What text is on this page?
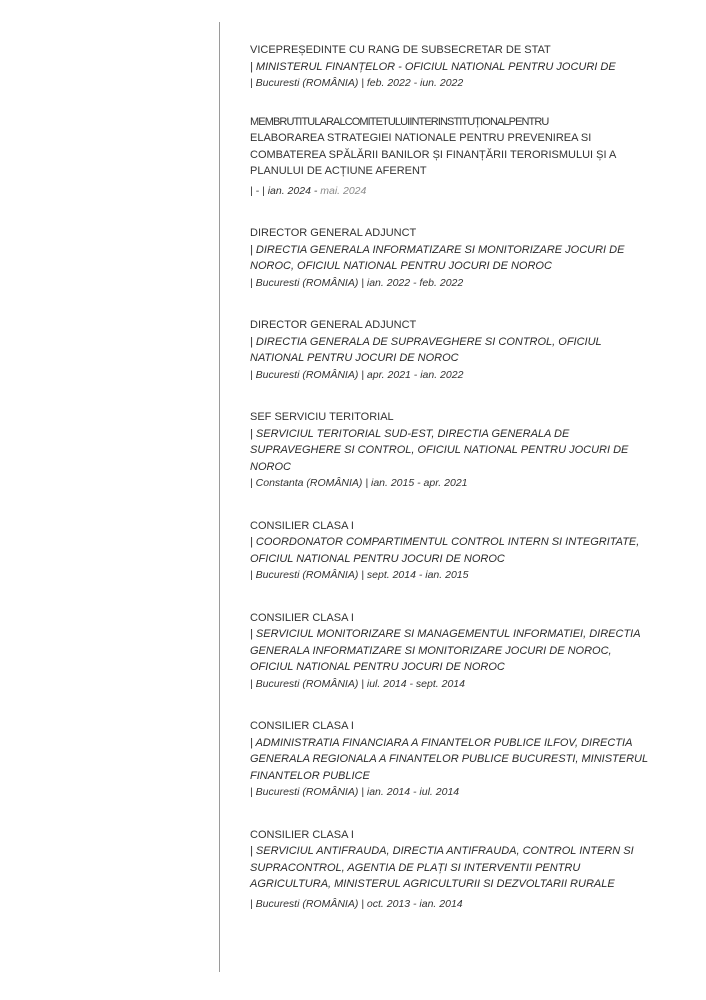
VICEPREȘEDINTE CU RANG DE SUBSECRETAR DE STAT
| MINISTERUL FINANȚELOR - OFICIUL NATIONAL PENTRU JOCURI DE
| Bucuresti (ROMÂNIA) | feb. 2022 - iun. 2022
MEMBRUTITULARALCOMITETULUIINTERINSTITUȚIONALPENTRU
ELABORAREA STRATEGIEI NATIONALE PENTRU PREVENIREA SI
COMBATEREA SPĂLĂRII BANILOR ȘI FINANȚĂRII TERORISMULUI ȘI A
PLANULUI DE ACȚIUNE AFERENT
| - | ian. 2024 - mai. 2024
DIRECTOR GENERAL ADJUNCT
| DIRECTIA GENERALA INFORMATIZARE SI MONITORIZARE JOCURI DE
NOROC, OFICIUL NATIONAL PENTRU JOCURI DE NOROC
| Bucuresti (ROMÂNIA) | ian. 2022 - feb. 2022
DIRECTOR GENERAL ADJUNCT
| DIRECTIA GENERALA DE SUPRAVEGHERE SI CONTROL, OFICIUL
NATIONAL PENTRU JOCURI DE NOROC
| Bucuresti (ROMÂNIA) | apr. 2021 - ian. 2022
SEF SERVICIU TERITORIAL
| SERVICIUL TERITORIAL SUD-EST, DIRECTIA GENERALA DE
SUPRAVEGHERE SI CONTROL, OFICIUL NATIONAL PENTRU JOCURI DE
NOROC
| Constanta (ROMÂNIA) | ian. 2015 - apr. 2021
CONSILIER CLASA I
| COORDONATOR COMPARTIMENTUL CONTROL INTERN SI INTEGRITATE,
OFICIUL NATIONAL PENTRU JOCURI DE NOROC
| Bucuresti (ROMÂNIA) | sept. 2014 - ian. 2015
CONSILIER CLASA I
| SERVICIUL MONITORIZARE SI MANAGEMENTUL INFORMATIEI, DIRECTIA
GENERALA INFORMATIZARE SI MONITORIZARE JOCURI DE NOROC,
OFICIUL NATIONAL PENTRU JOCURI DE NOROC
| Bucuresti (ROMÂNIA) | iul. 2014 - sept. 2014
CONSILIER CLASA I
| ADMINISTRATIA FINANCIARA A FINANTELOR PUBLICE ILFOV, DIRECTIA
GENERALA REGIONALA A FINANTELOR PUBLICE BUCURESTI, MINISTERUL
FINANTELOR PUBLICE
| Bucuresti (ROMÂNIA) | ian. 2014 - iul. 2014
CONSILIER CLASA I
| SERVICIUL ANTIFRAUDA, DIRECTIA ANTIFRAUDA, CONTROL INTERN SI
SUPRACONTROL, AGENTIA DE PLAȚI SI INTERVENTII PENTRU
AGRICULTURA, MINISTERUL AGRICULTURII SI DEZVOLTARII RURALE
| Bucuresti (ROMÂNIA) | oct. 2013 - ian. 2014
